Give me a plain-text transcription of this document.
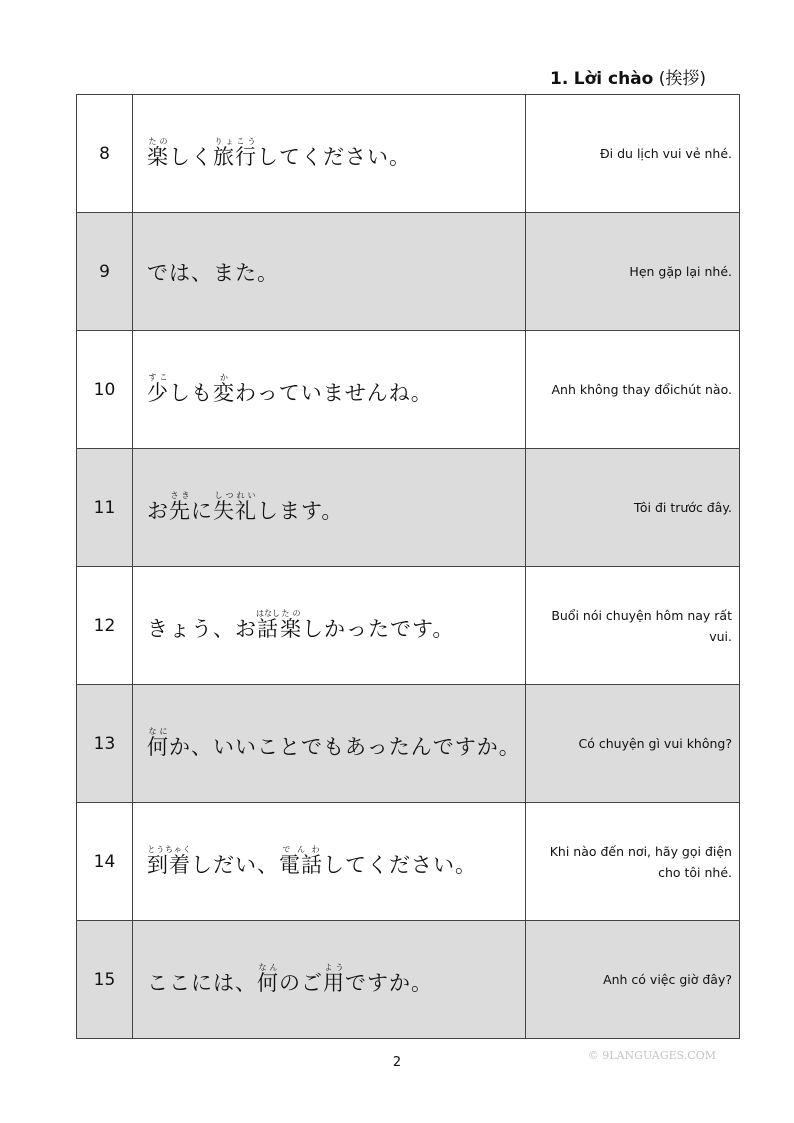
1. Lời chào (挨拶)
8	楽たのしく旅行りょこうしてください。	Đi du lịch vui vẻ nhé.
9	では、また。	Hẹn gặp lại nhé.
10	少すこしも変かわっていませんね。	Anh không thay đổichút nào.
11	お先さきに失礼しつれいします。	Tôi đi trước đây.
12	きょう、お話はなし楽たのしかったです。	Buổi nói chuyện hôm nay rất vui.
13	何なにか、いいことでもあったんですか。	Có chuyện gì vui không?
14	到着とうちゃくしだい、電話でんわしてください。	Khi nào đến nơi, hãy gọi điện cho tôi nhé.
15	ここには、何なんのご用ようですか。	Anh có việc giờ đây?
2	© 9LANGUAGES.COM
